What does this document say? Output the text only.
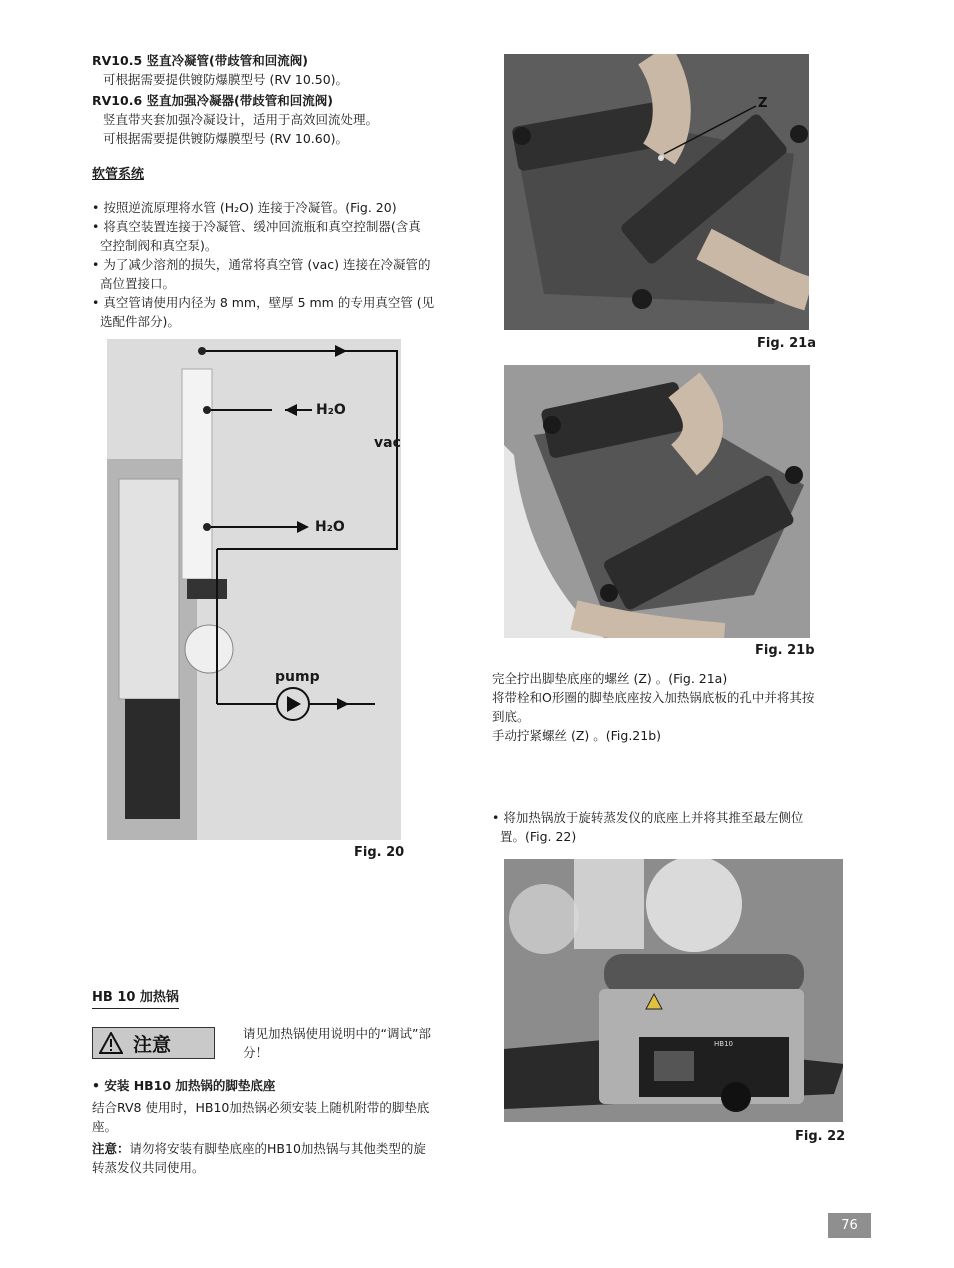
RV10.5 竖直冷凝管(带歧管和回流阀)

可根据需要提供镀防爆膜型号 (RV 10.50)。

RV10.6 竖直加强冷凝器(带歧管和回流阀)

竖直带夹套加强冷凝设计，适用于高效回流处理。

可根据需要提供镀防爆膜型号 (RV 10.60)。

软管系统

• 按照逆流原理将水管 (H₂O) 连接于冷凝管。(Fig. 20)

• 将真空装置连接于冷凝管、缓冲回流瓶和真空控制器(含真

空控制阀和真空泵)。

• 为了减少溶剂的损失，通常将真空管 (vac) 连接在冷凝管的

高位置接口。

• 真空管请使用内径为 8 mm，壁厚 5 mm 的专用真空管 (见

选配件部分)。

H₂O
H₂O
vac
pump
Fig. 20
HB 10 加热锅
注意	请见加热锅使用说明中的“调试”部

分！

• 安装 HB10 加热锅的脚垫底座

结合RV8 使用时，HB10加热锅必须安装上随机附带的脚垫底

座。

注意：请勿将安装有脚垫底座的HB10加热锅与其他类型的旋

转蒸发仪共同使用。

Z
Fig. 21a
Fig. 21b

完全拧出脚垫底座的螺丝 (Z) 。(Fig. 21a)

将带栓和O形圈的脚垫底座按入加热锅底板的孔中并将其按

到底。

手动拧紧螺丝 (Z) 。(Fig.21b)

• 将加热锅放于旋转蒸发仪的底座上并将其推至最左侧位

置。(Fig. 22)

HB10
Fig. 22
76
